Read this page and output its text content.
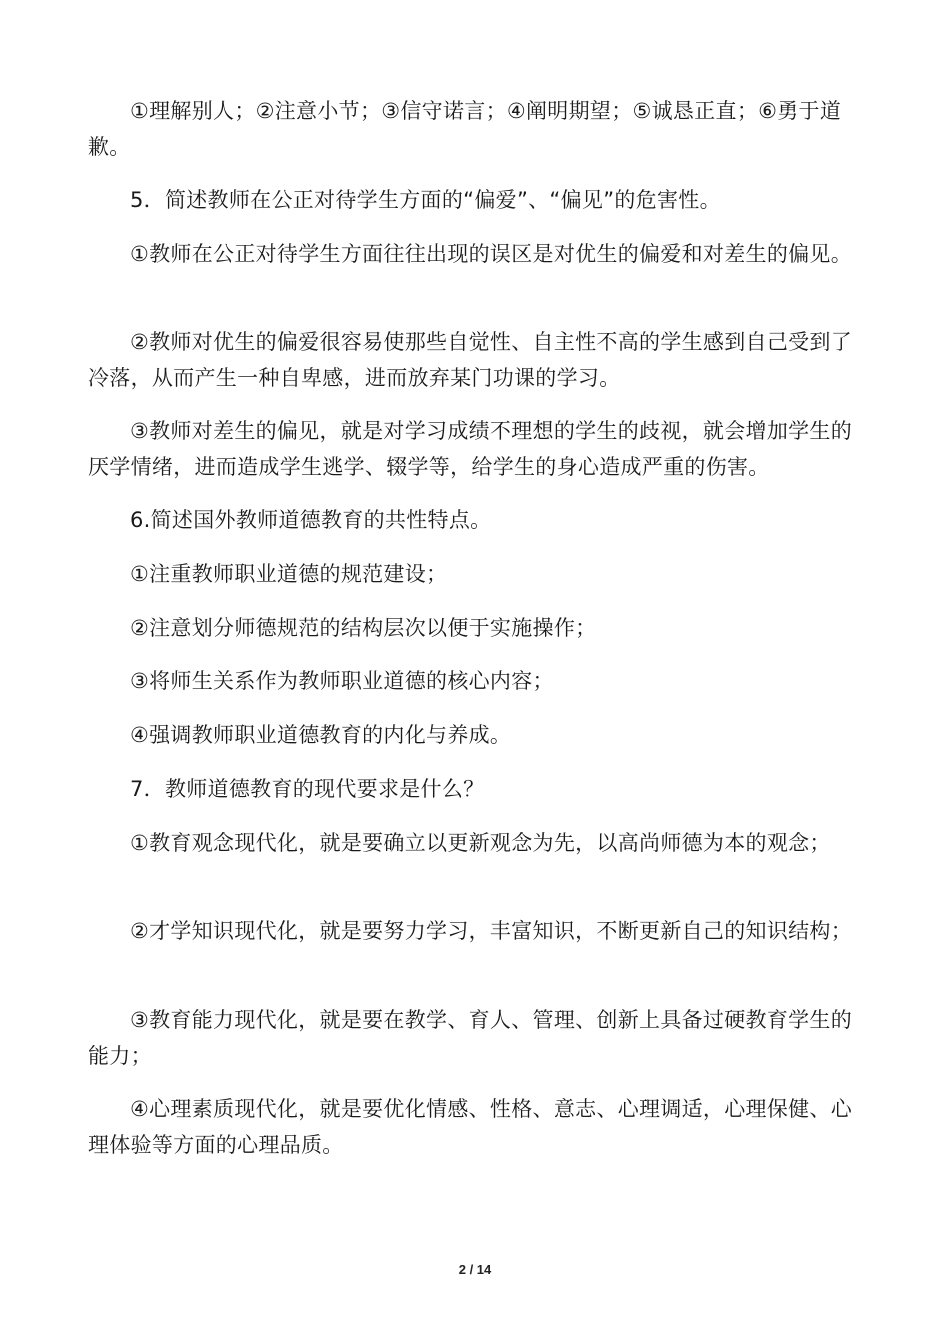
①理解别人；②注意小节；③信守诺言；④阐明期望；⑤诚恳正直；⑥勇于道歉。

5．简述教师在公正对待学生方面的“偏爱”、“偏见”的危害性。

①教师在公正对待学生方面往往出现的误区是对优生的偏爱和对差生的偏见。

②教师对优生的偏爱很容易使那些自觉性、自主性不高的学生感到自己受到了冷落，从而产生一种自卑感，进而放弃某门功课的学习。

③教师对差生的偏见，就是对学习成绩不理想的学生的歧视，就会增加学生的厌学情绪，进而造成学生逃学、辍学等，给学生的身心造成严重的伤害。

6.简述国外教师道德教育的共性特点。

①注重教师职业道德的规范建设；

②注意划分师德规范的结构层次以便于实施操作；

③将师生关系作为教师职业道德的核心内容；

④强调教师职业道德教育的内化与养成。

7．教师道德教育的现代要求是什么？

①教育观念现代化，就是要确立以更新观念为先，以高尚师德为本的观念；

②才学知识现代化，就是要努力学习，丰富知识，不断更新自己的知识结构；

③教育能力现代化，就是要在教学、育人、管理、创新上具备过硬教育学生的能力；

④心理素质现代化，就是要优化情感、性格、意志、心理调适，心理保健、心理体验等方面的心理品质。

2 / 14
